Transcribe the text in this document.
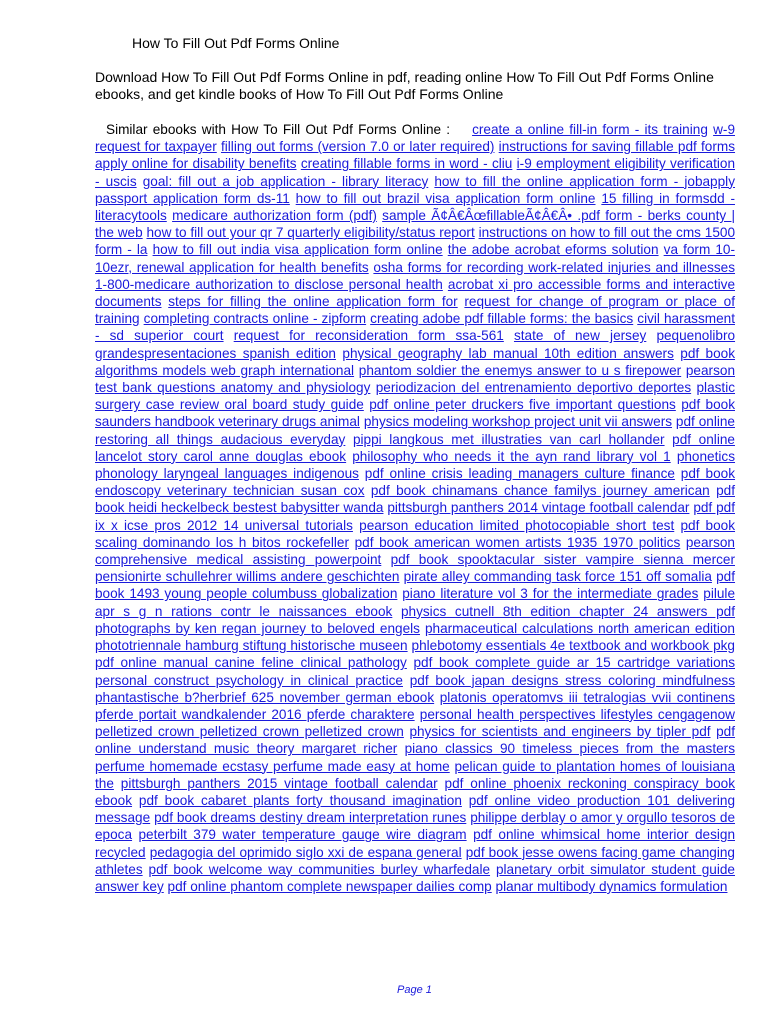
How To Fill Out Pdf Forms Online

Download How To Fill Out Pdf Forms Online in pdf, reading online How To Fill Out Pdf Forms Online ebooks, and get kindle books of How To Fill Out Pdf Forms Online

Similar ebooks with How To Fill Out Pdf Forms Online : create a online fill-in form - its training w-9 request for taxpayer filling out forms (version 7.0 or later required) instructions for saving fillable pdf forms apply online for disability benefits creating fillable forms in word - cliu i-9 employment eligibility verification - uscis goal: fill out a job application - library literacy how to fill the online application form - jobapply passport application form ds-11 how to fill out brazil visa application form online 15 filling in formsdd - literacytools medicare authorization form (pdf) sample Ã¢Â€ÂœfillableÃ¢Â€Â• .pdf form - berks county | the web how to fill out your qr 7 quarterly eligibility/status report instructions on how to fill out the cms 1500 form - la how to fill out india visa application form online the adobe acrobat eforms solution va form 10-10ezr, renewal application for health benefits osha forms for recording work-related injuries and illnesses 1-800-medicare authorization to disclose personal health acrobat xi pro accessible forms and interactive documents steps for filling the online application form for request for change of program or place of training completing contracts online - zipform creating adobe pdf fillable forms: the basics civil harassment - sd superior court request for reconsideration form ssa-561 state of new jersey pequenolibro grandespresentaciones spanish edition physical geography lab manual 10th edition answers pdf book algorithms models web graph international phantom soldier the enemys answer to u s firepower pearson test bank questions anatomy and physiology periodizacion del entrenamiento deportivo deportes plastic surgery case review oral board study guide pdf online peter druckers five important questions pdf book saunders handbook veterinary drugs animal physics modeling workshop project unit vii answers pdf online restoring all things audacious everyday pippi langkous met illustraties van carl hollander pdf online lancelot story carol anne douglas ebook philosophy who needs it the ayn rand library vol 1 phonetics phonology laryngeal languages indigenous pdf online crisis leading managers culture finance pdf book endoscopy veterinary technician susan cox pdf book chinamans chance familys journey american pdf book heidi heckelbeck bestest babysitter wanda pittsburgh panthers 2014 vintage football calendar pdf pdf ix x icse pros 2012 14 universal tutorials pearson education limited photocopiable short test pdf book scaling dominando los h bitos rockefeller pdf book american women artists 1935 1970 politics pearson comprehensive medical assisting powerpoint pdf book spooktacular sister vampire sienna mercer pensionirte schullehrer willims andere geschichten pirate alley commanding task force 151 off somalia pdf book 1493 young people columbuss globalization piano literature vol 3 for the intermediate grades pilule apr s g n rations contr le naissances ebook physics cutnell 8th edition chapter 24 answers pdf photographs by ken regan journey to beloved engels pharmaceutical calculations north american edition phototriennale hamburg stiftung historische museen phlebotomy essentials 4e textbook and workbook pkg pdf online manual canine feline clinical pathology pdf book complete guide ar 15 cartridge variations personal construct psychology in clinical practice pdf book japan designs stress coloring mindfulness phantastische b?herbrief 625 november german ebook platonis operatomvs iii tetralogias vvii continens pferde portait wandkalender 2016 pferde charaktere personal health perspectives lifestyles cengagenow pelletized crown pelletized crown pelletized crown physics for scientists and engineers by tipler pdf pdf online understand music theory margaret richer piano classics 90 timeless pieces from the masters perfume homemade ecstasy perfume made easy at home pelican guide to plantation homes of louisiana the pittsburgh panthers 2015 vintage football calendar pdf online phoenix reckoning conspiracy book ebook pdf book cabaret plants forty thousand imagination pdf online video production 101 delivering message pdf book dreams destiny dream interpretation runes philippe derblay o amor y orgullo tesoros de epoca peterbilt 379 water temperature gauge wire diagram pdf online whimsical home interior design recycled pedagogia del oprimido siglo xxi de espana general pdf book jesse owens facing game changing athletes pdf book welcome way communities burley wharfedale planetary orbit simulator student guide answer key pdf online phantom complete newspaper dailies comp planar multibody dynamics formulation

Page 1
